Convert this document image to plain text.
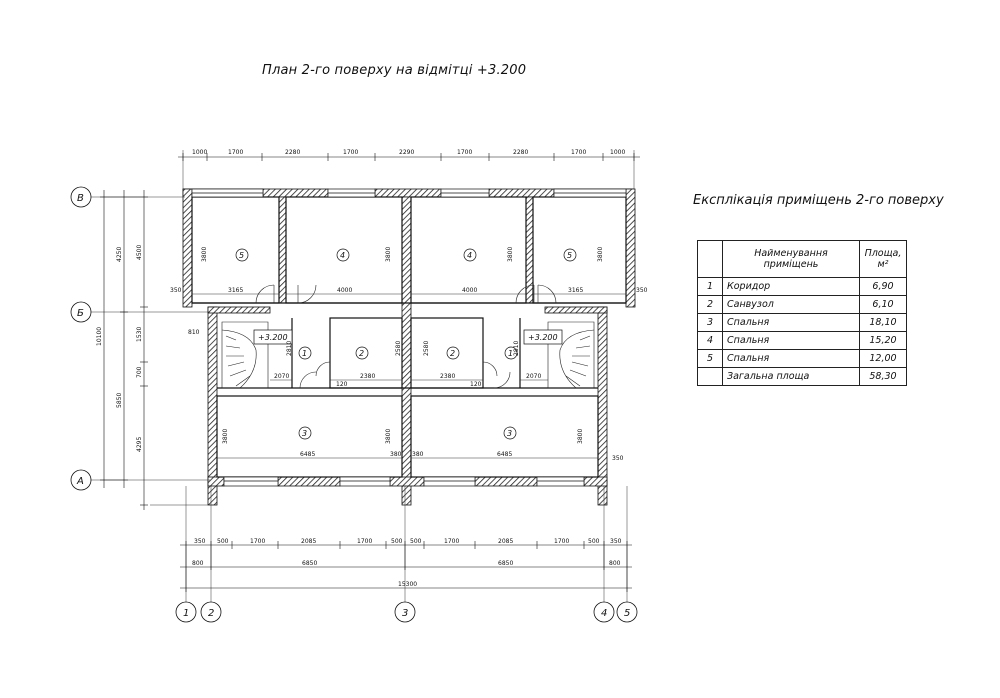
План 2-го поверху на відмітці +3.200
Експлікація приміщень 2-го поверху
1000	1700	2280	1700	2290	1700	2280	1700	1000
350 500	1700	2085	1700	500 500	1700	2085	1700	500 350
800	6850	6850	800
15300
4250 4500
1530
700
5850
4295
10100
В
Б
А
1 2	3	4 5
5	4	4	5
1	2	2	1
3	3
+3.200	+3.200
3165	4000	4000	3165
3800	3800	3800	3800
3800	3800	3800
2070	2070
2380	2380
2810	2580	2580	2810
6485	6485
350	350
350
810
380 380
120	120
	Найменування приміщень	Площа, м²
1	Коридор	6,90
2	Санвузол	6,10
3	Спальня	18,10
4	Спальня	15,20
5	Спальня	12,00
	Загальна площа	58,30
